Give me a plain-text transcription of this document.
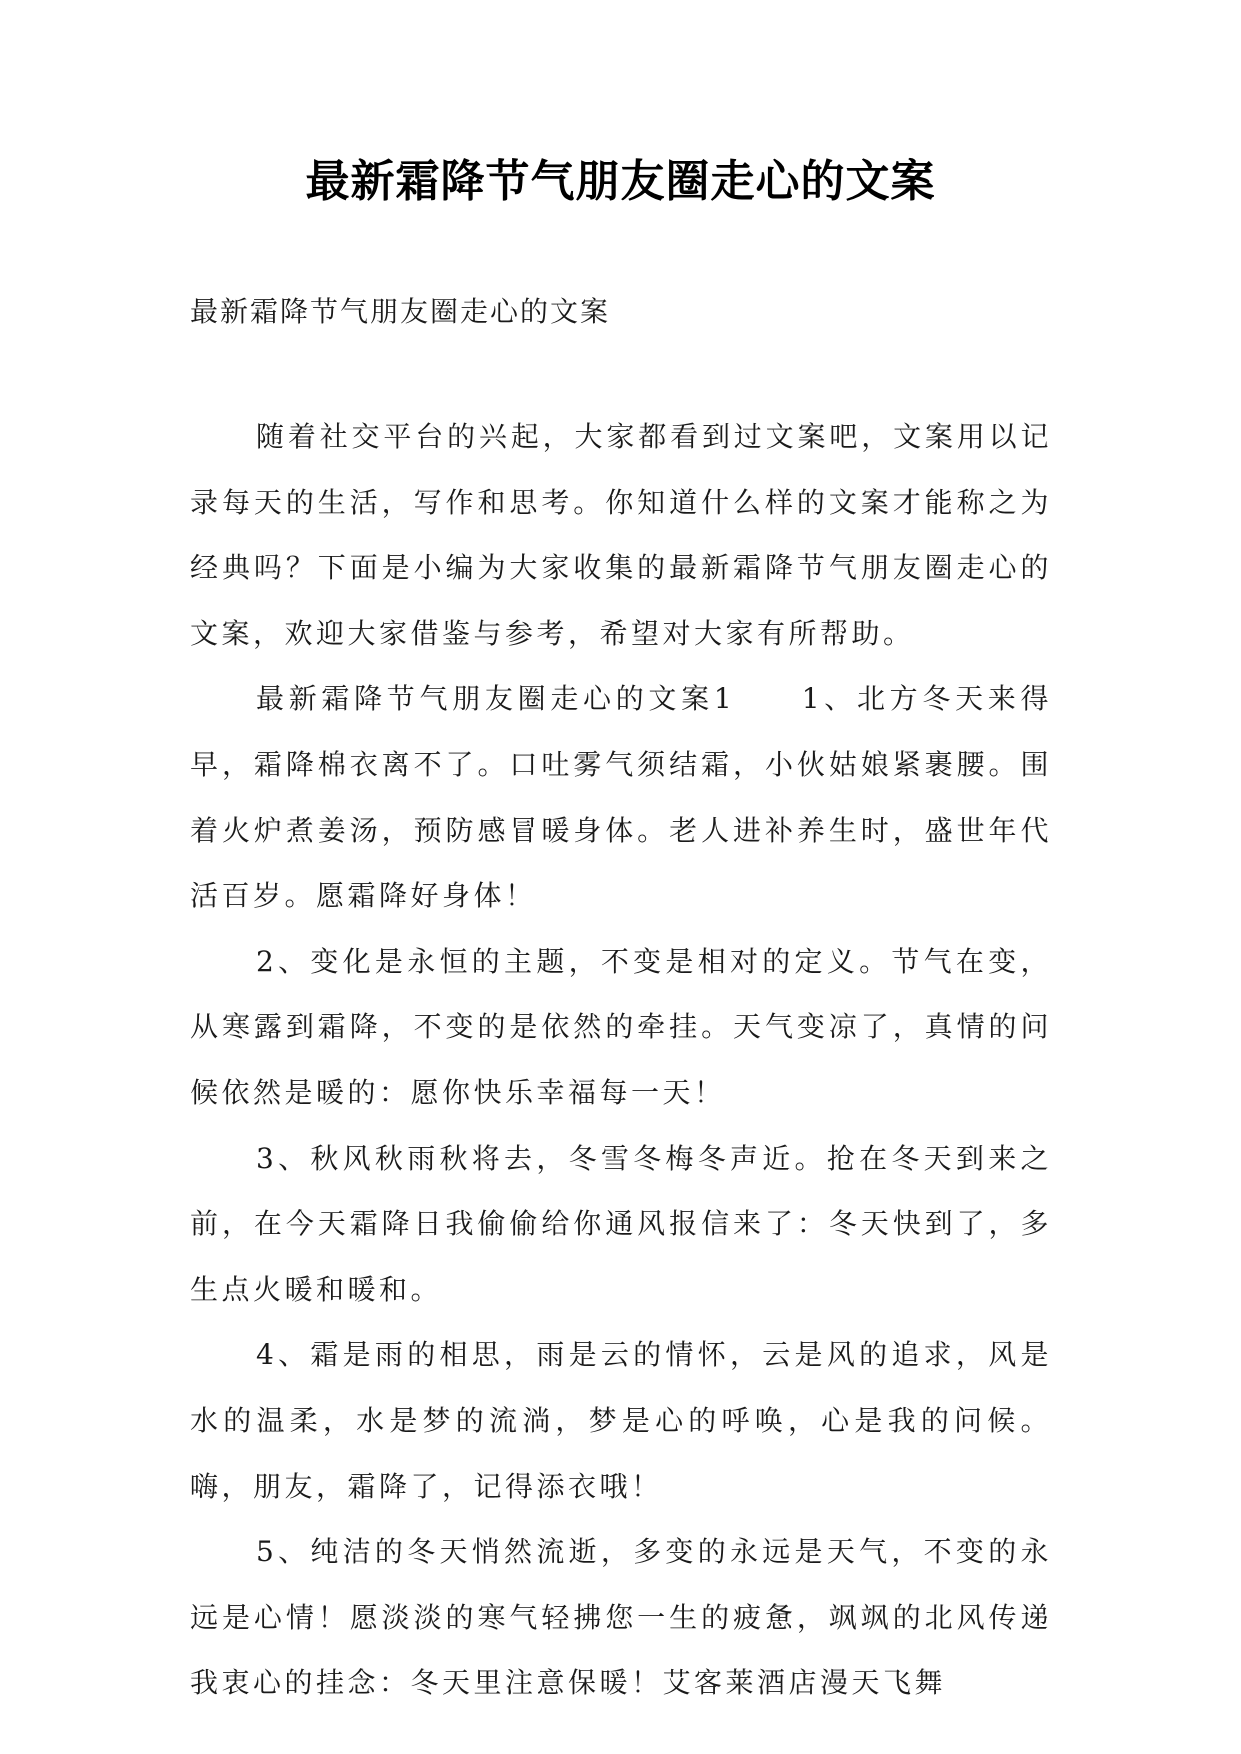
最新霜降节气朋友圈走心的文案
最新霜降节气朋友圈走心的文案

随着社交平台的兴起，大家都看到过文案吧，文案用以记录每天的生活，写作和思考。你知道什么样的文案才能称之为经典吗？下面是小编为大家收集的最新霜降节气朋友圈走心的文案，欢迎大家借鉴与参考，希望对大家有所帮助。

最新霜降节气朋友圈走心的文案1　　1、北方冬天来得早，霜降棉衣离不了。口吐雾气须结霜，小伙姑娘紧裹腰。围着火炉煮姜汤，预防感冒暖身体。老人进补养生时，盛世年代活百岁。愿霜降好身体！

2、变化是永恒的主题，不变是相对的定义。节气在变，从寒露到霜降，不变的是依然的牵挂。天气变凉了，真情的问候依然是暖的：愿你快乐幸福每一天！

3、秋风秋雨秋将去，冬雪冬梅冬声近。抢在冬天到来之前，在今天霜降日我偷偷给你通风报信来了：冬天快到了，多生点火暖和暖和。

4、霜是雨的相思，雨是云的情怀，云是风的追求，风是水的温柔，水是梦的流淌，梦是心的呼唤，心是我的问候。嗨，朋友，霜降了，记得添衣哦！

5、纯洁的冬天悄然流逝，多变的永远是天气，不变的永远是心情！愿淡淡的寒气轻拂您一生的疲惫，飒飒的北风传递我衷心的挂念：冬天里注意保暖！艾客莱酒店漫天飞舞
